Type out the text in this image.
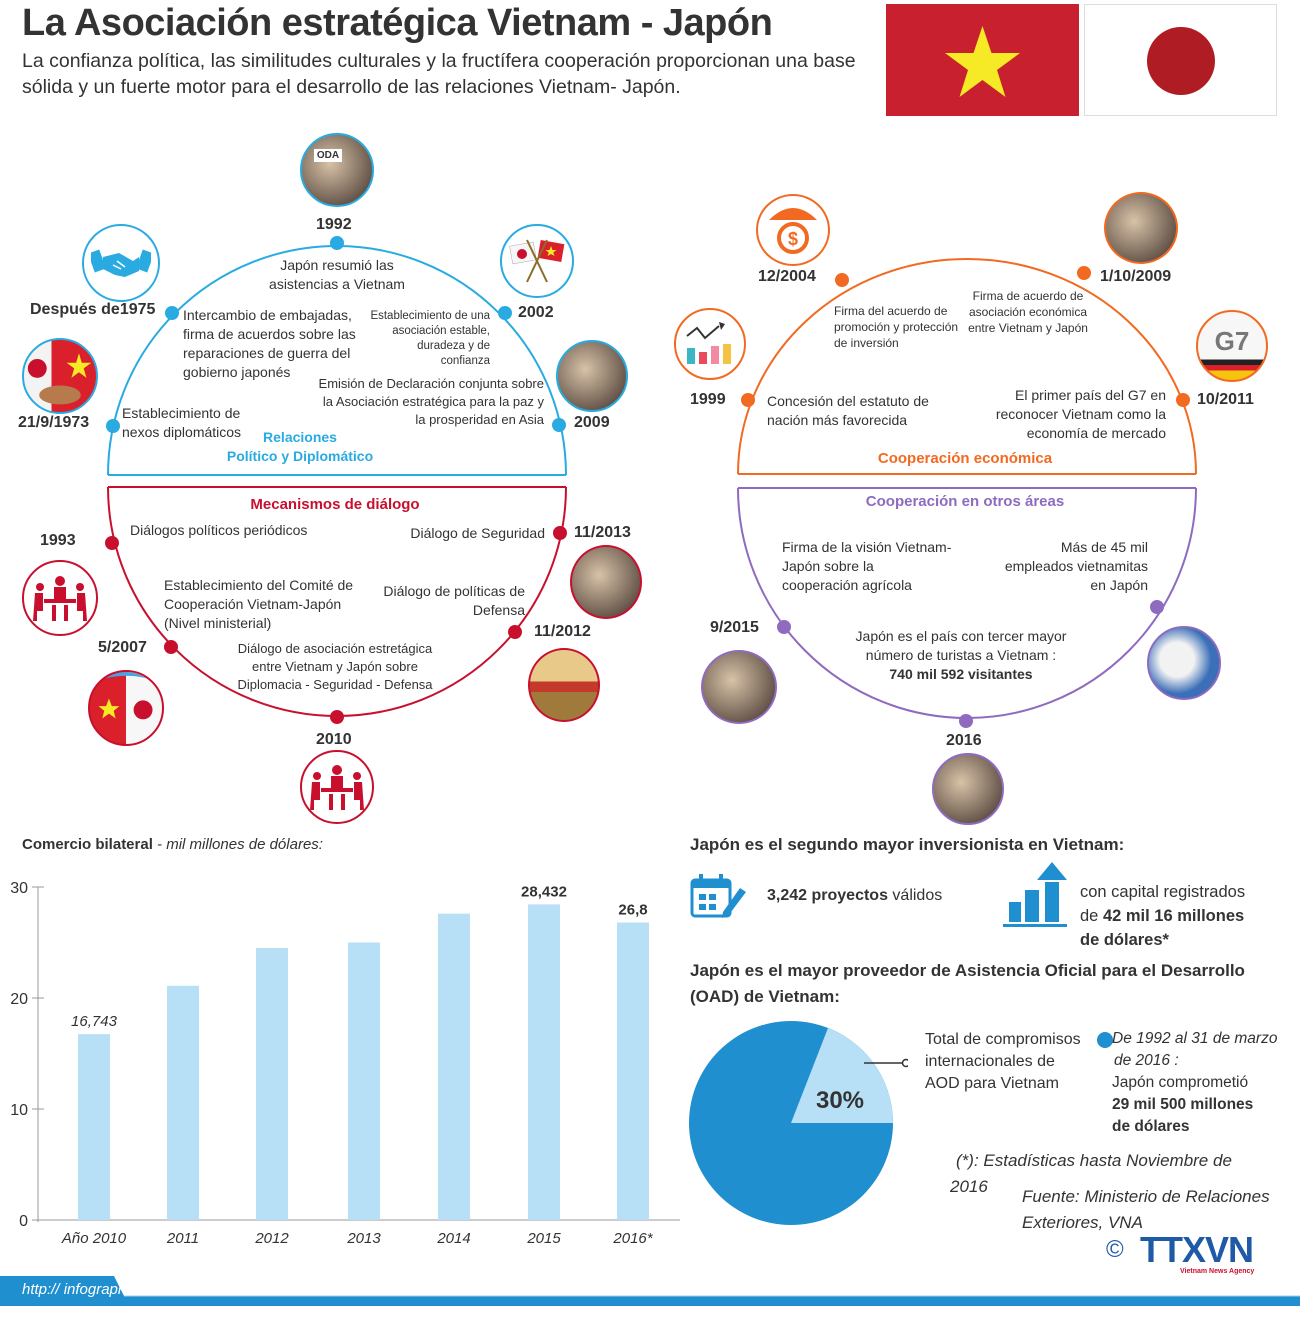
La Asociación estratégica Vietnam - Japón
La confianza política, las similitudes culturales y la fructífera cooperación proporcionan una base sólida y un fuerte motor para el desarrollo de las relaciones Vietnam- Japón.
ODA
1992
Después de1975
21/9/1973
2002
2009
Japón resumió las asistencias a Vietnam
Intercambio de embajadas, firma de acuerdos sobre las reparaciones de guerra del gobierno japonés
Establecimiento de nexos diplomáticos
Establecimiento de una asociación estable, duradeza y de confianza
Emisión de Declaración conjunta sobre la Asociación estratégica para la paz y la prosperidad en Asia
Relaciones
Político y Diplomático
Mecanismos de diálogo
1993
5/2007
2010
11/2013
11/2012
Diálogos políticos periódicos
Establecimiento del Comité de Cooperación Vietnam-Japón (Nivel ministerial)
Diálogo de asociación estretágica entre Vietnam y Japón sobre Diplomacia - Seguridad - Defensa
Diálogo de Seguridad
Diálogo de políticas de Defensa
12/2004
1999
1/10/2009
10/2011
Firma del acuerdo de promoción y protección de inversión
Concesión del estatuto de nación más favorecida
Firma de acuerdo de asociación económica entre Vietnam y Japón
El primer país del G7 en reconocer Vietnam como la economía de mercado
Cooperación económica
$
G7
Cooperación en otros áreas
9/2015
2016
Firma de la visión Vietnam-Japón sobre la cooperación agrícola
Más de 45 mil empleados vietnamitas en Japón
Japón es el país con tercer mayor
número de turistas a Vietnam :
740 mil 592 visitantes
Comercio bilateral - mil millones de dólares:
0
10
20
30
Año 2010
16,743
2011	2012	2013	2014	2015
28,432
2016*
26,8
Japón es el segundo mayor inversionista en Vietnam:
3,242 proyectos válidos	con capital registrados
de 42 mil 16 millones
de dólares*
Japón es el mayor proveedor de Asistencia Oficial para el Desarrollo (OAD) de Vietnam:
30%
Total de compromisos internacionales de AOD para Vietnam
De 1992 al 31 de marzo
de 2016 :
Japón comprometió
29 mil 500 millones
de dólares
(*): Estadísticas hasta Noviembre de
2016
Fuente: Ministerio de Relaciones
Exteriores, VNA
© TTXVN
Vietnam News Agency
http:// infographics.vn
